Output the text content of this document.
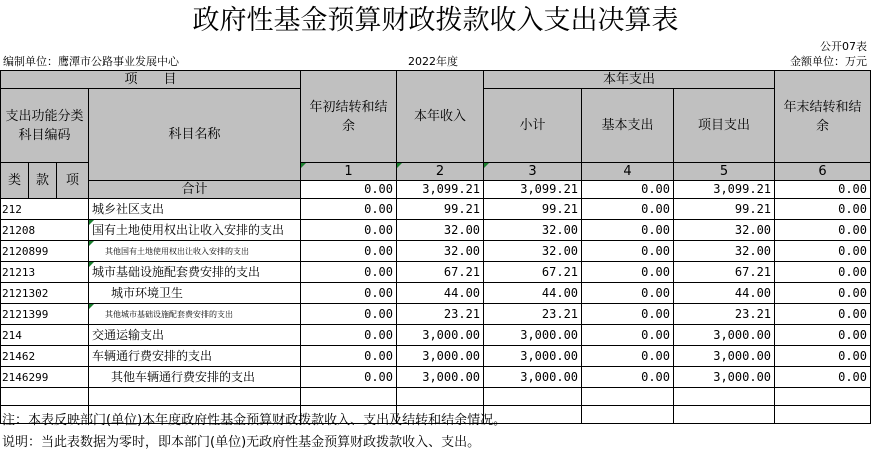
政府性基金预算财政拨款收入支出决算表
公开07表
编制单位：鹰潭市公路事业发展中心	2022年度	金额单位：万元
项　　目				年初结转和结余	本年收入	本年支出			年末结转和结余
支出功能分类科目编码			科目名称			小计	基本支出	项目支出	
类	款	项		1	2	3	4	5	6
			合计	0.00	3,099.21	3,099.21	0.00	3,099.21	0.00
212			城乡社区支出	0.00	99.21	99.21	0.00	99.21	0.00
21208			国有土地使用权出让收入安排的支出	0.00	32.00	32.00	0.00	32.00	0.00
2120899			其他国有土地使用权出让收入安排的支出	0.00	32.00	32.00	0.00	32.00	0.00
21213			城市基础设施配套费安排的支出	0.00	67.21	67.21	0.00	67.21	0.00
2121302			城市环境卫生	0.00	44.00	44.00	0.00	44.00	0.00
2121399			其他城市基础设施配套费安排的支出	0.00	23.21	23.21	0.00	23.21	0.00
214			交通运输支出	0.00	3,000.00	3,000.00	0.00	3,000.00	0.00
21462			车辆通行费安排的支出	0.00	3,000.00	3,000.00	0.00	3,000.00	0.00
2146299			其他车辆通行费安排的支出	0.00	3,000.00	3,000.00	0.00	3,000.00	0.00

注：本表反映部门(单位)本年度政府性基金预算财政拨款收入、支出及结转和结余情况。
说明：当此表数据为零时，即本部门(单位)无政府性基金预算财政拨款收入、支出。
